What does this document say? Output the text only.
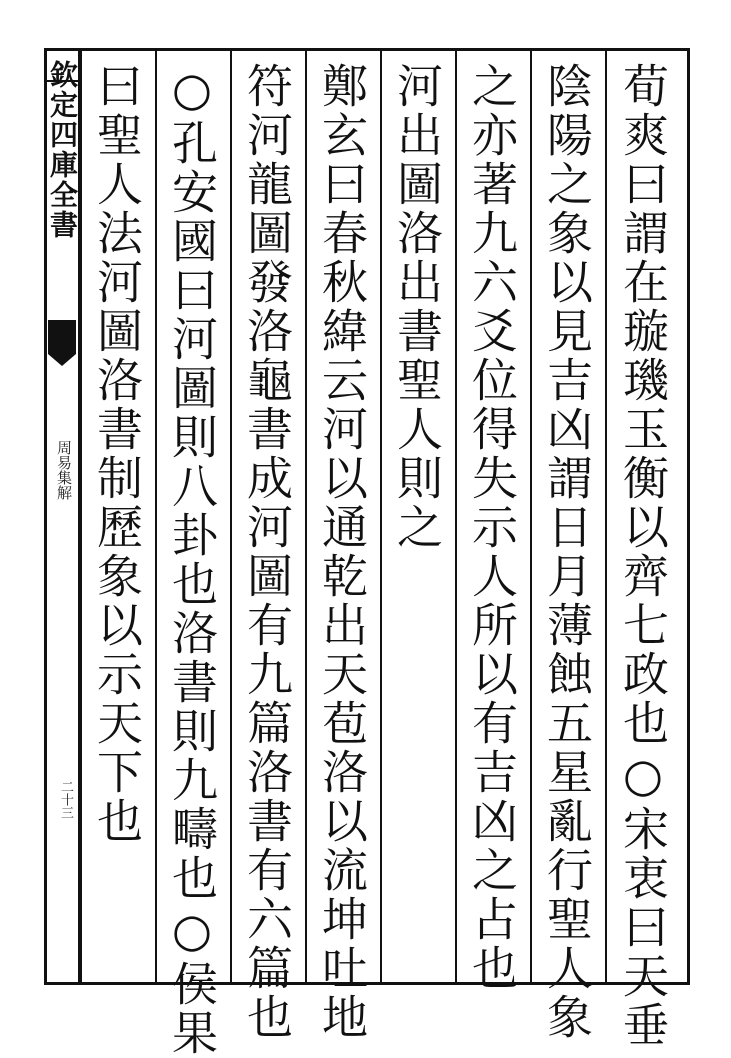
欽定四庫全書
周易集解
二十三	荀爽曰謂在璇璣玉衡以齊七政也○宋衷曰天垂
陰陽之象以見吉凶謂日月薄蝕五星亂行聖人象
之亦著九六爻位得失示人所以有吉凶之占也
河出圖洛出書聖人則之
鄭玄曰春秋緯云河以通乾出天苞洛以流坤吐地
符河龍圖發洛龜書成河圖有九篇洛書有六篇也
○孔安國曰河圖則八卦也洛書則九疇也○侯果
曰聖人法河圖洛書制歷象以示天下也
